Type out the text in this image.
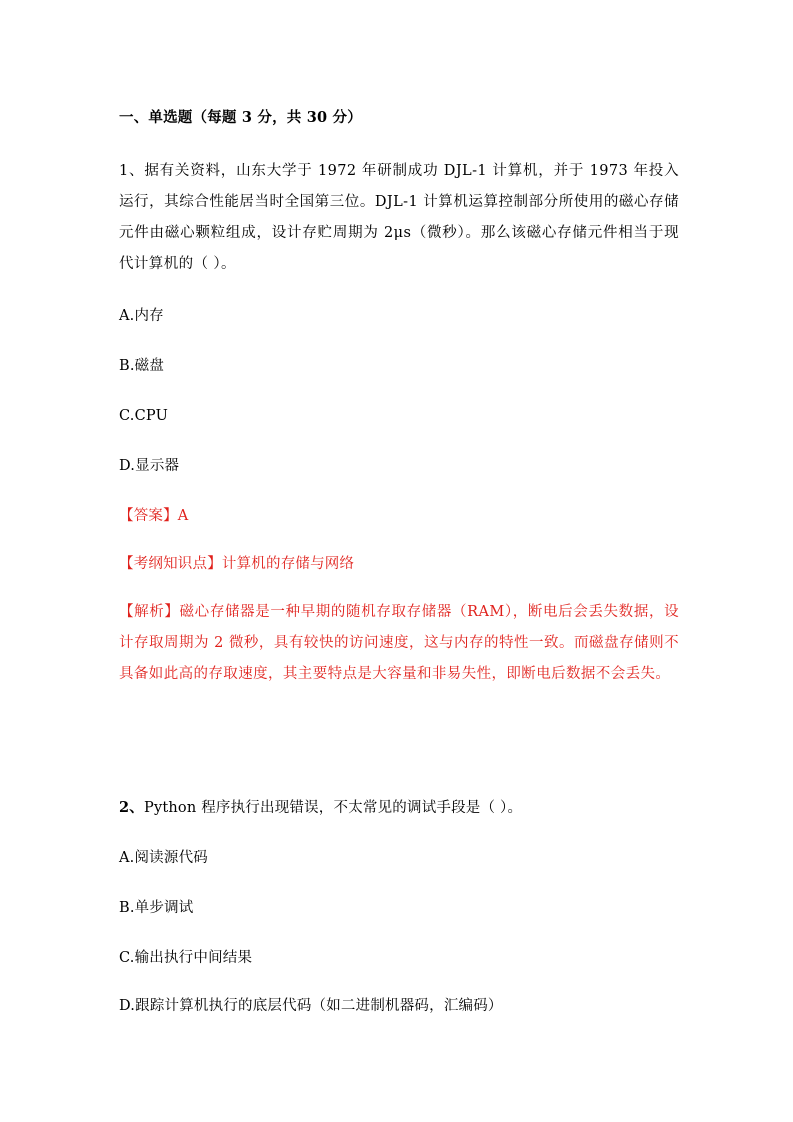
一、单选题（每题 3 分，共 30 分）
1、据有关资料，山东大学于 1972 年研制成功 DJL-1 计算机，并于 1973 年投入运行，其综合性能居当时全国第三位。DJL-1 计算机运算控制部分所使用的磁心存储元件由磁心颗粒组成，设计存贮周期为 2μs（微秒）。那么该磁心存储元件相当于现代计算机的（ ）。
A.内存
B.磁盘
C.CPU
D.显示器
【答案】A
【考纲知识点】计算机的存储与网络
【解析】磁心存储器是一种早期的随机存取存储器（RAM），断电后会丢失数据，设计存取周期为 2 微秒，具有较快的访问速度，这与内存的特性一致。而磁盘存储则不具备如此高的存取速度，其主要特点是大容量和非易失性，即断电后数据不会丢失。
2、Python 程序执行出现错误，不太常见的调试手段是（ ）。
A.阅读源代码
B.单步调试
C.输出执行中间结果
D.跟踪计算机执行的底层代码（如二进制机器码，汇编码）
